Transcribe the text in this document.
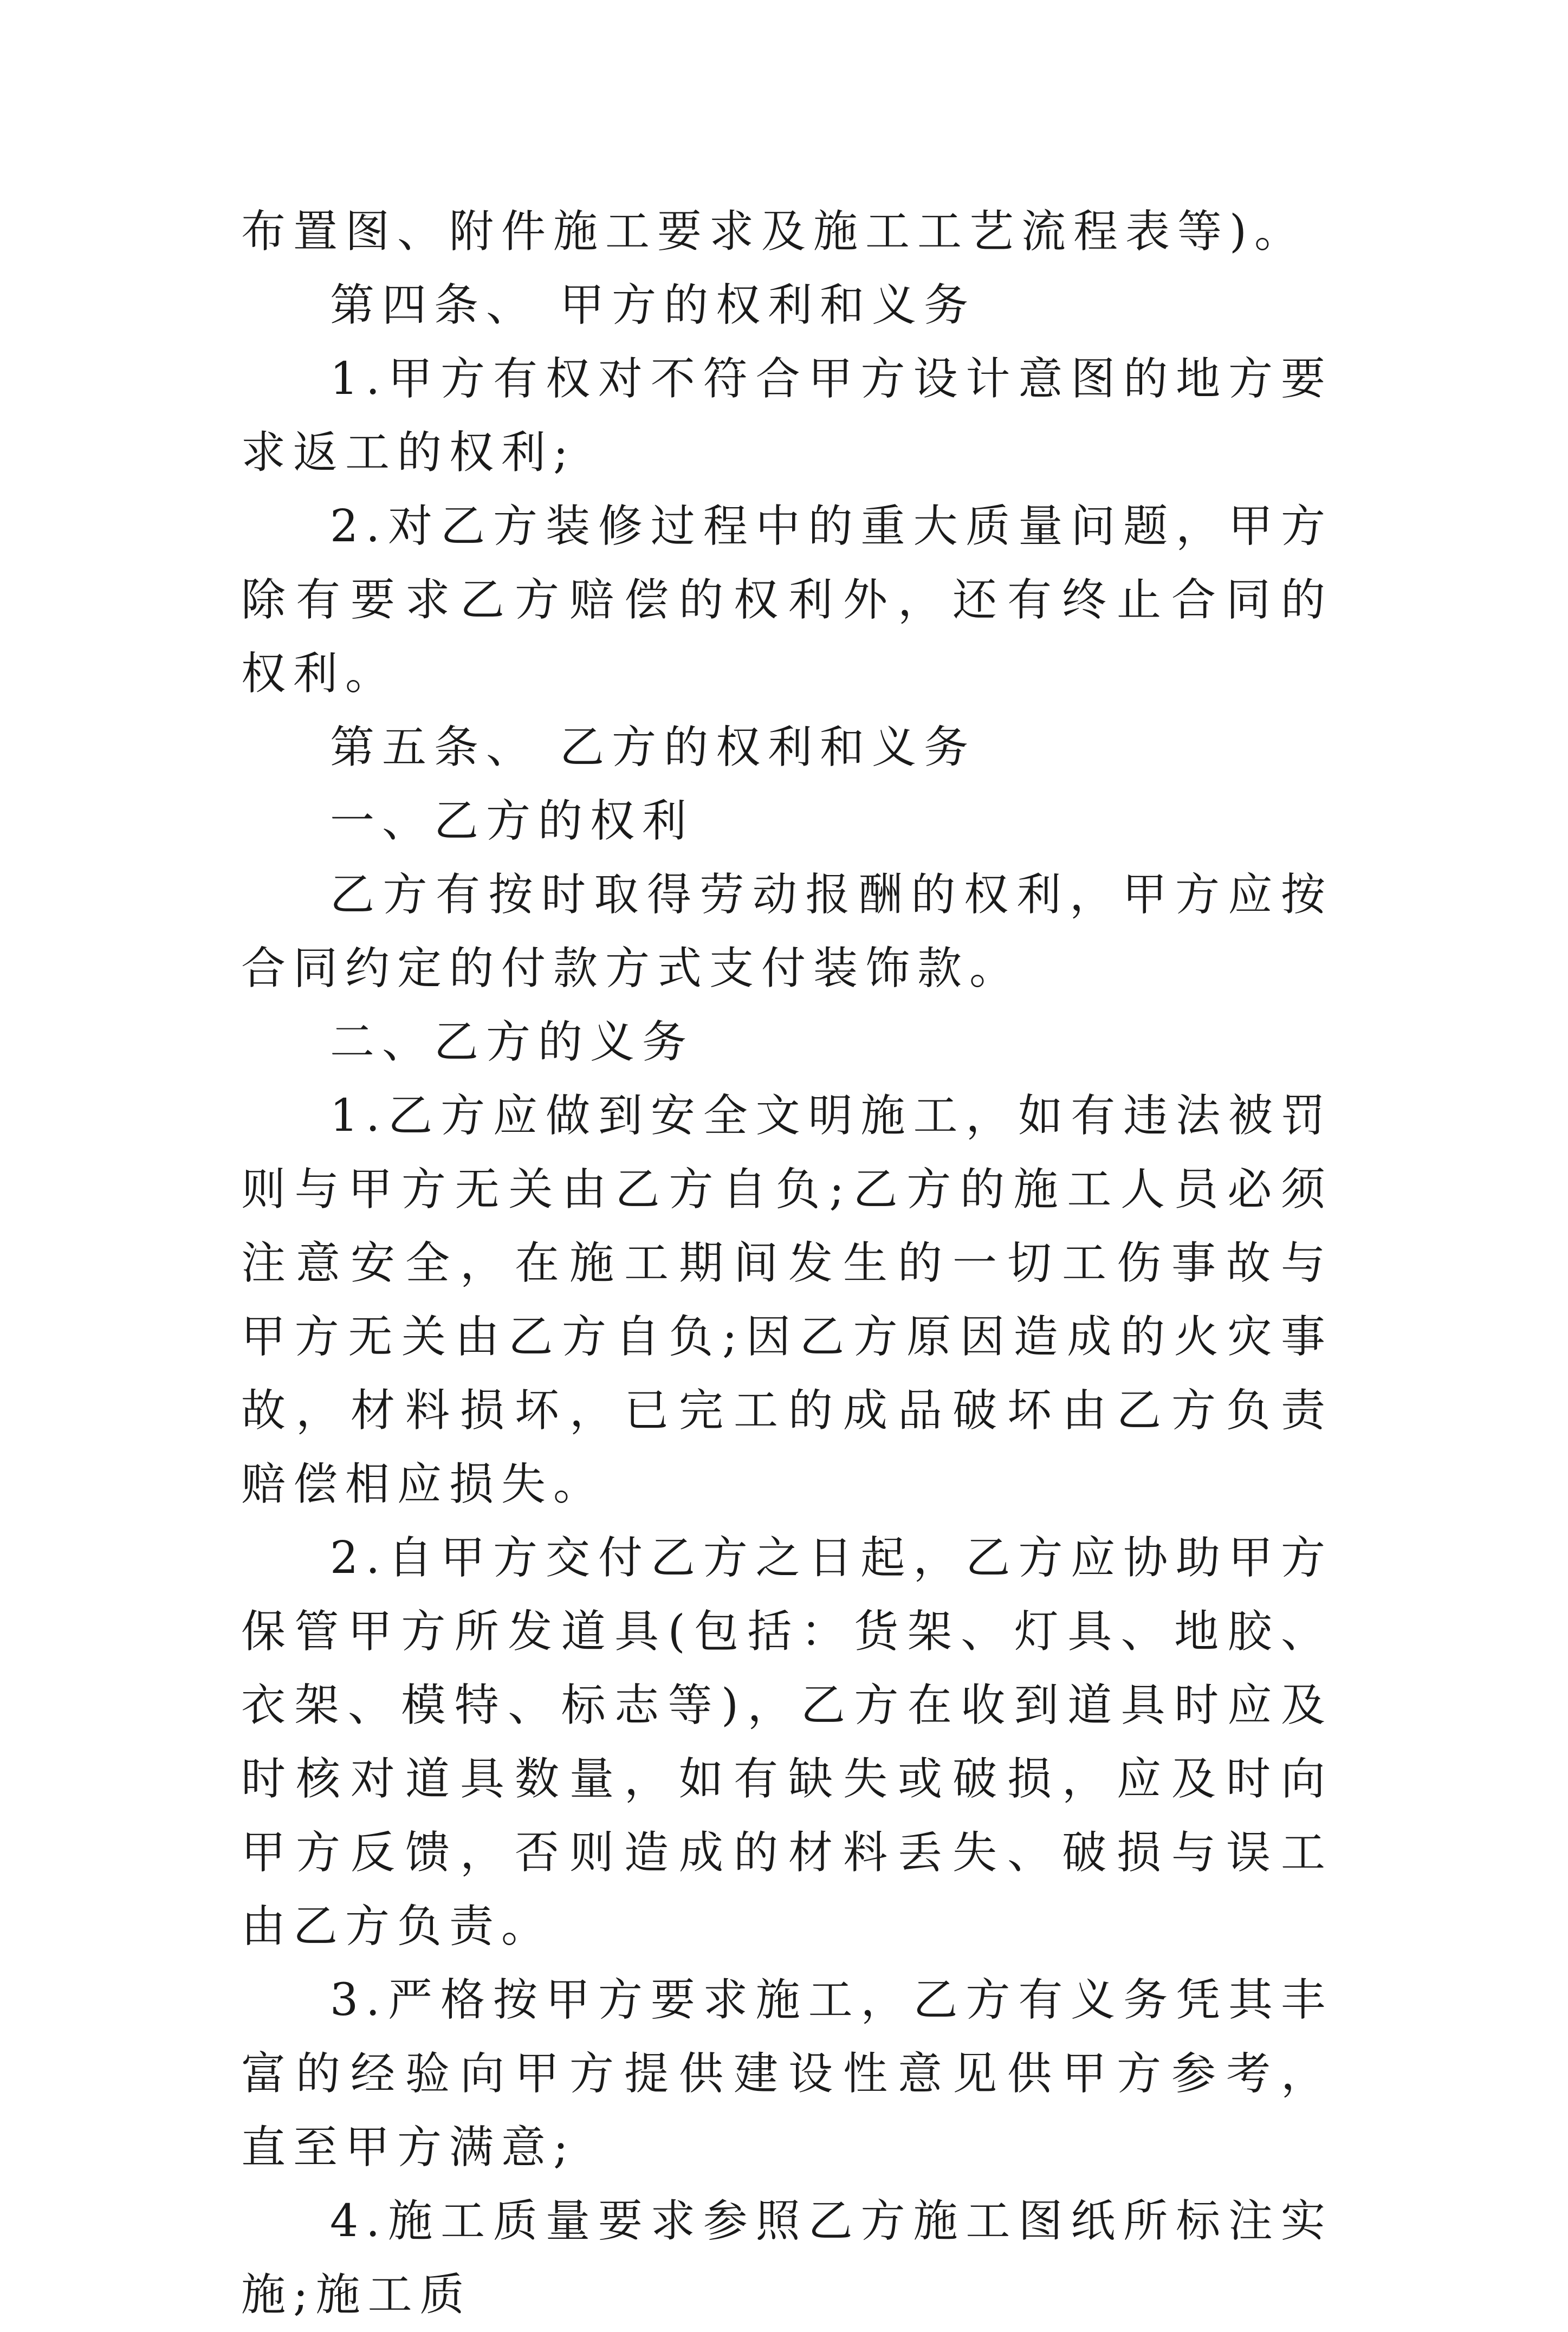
布置图、附件施工要求及施工工艺流程表等)。

第四条、 甲方的权利和义务

1.甲方有权对不符合甲方设计意图的地方要求返工的权利;

2.对乙方装修过程中的重大质量问题，甲方除有要求乙方赔偿的权利外，还有终止合同的权利。

第五条、 乙方的权利和义务

一、乙方的权利

乙方有按时取得劳动报酬的权利，甲方应按合同约定的付款方式支付装饰款。

二、乙方的义务

1.乙方应做到安全文明施工，如有违法被罚则与甲方无关由乙方自负;乙方的施工人员必须注意安全，在施工期间发生的一切工伤事故与甲方无关由乙方自负;因乙方原因造成的火灾事故，材料损坏，已完工的成品破坏由乙方负责赔偿相应损失。

2.自甲方交付乙方之日起，乙方应协助甲方保管甲方所发道具(包括：货架、灯具、地胶、衣架、模特、标志等)，乙方在收到道具时应及时核对道具数量，如有缺失或破损，应及时向甲方反馈，否则造成的材料丢失、破损与误工由乙方负责。

3.严格按甲方要求施工，乙方有义务凭其丰富的经验向甲方提供建设性意见供甲方参考，直至甲方满意;

4.施工质量要求参照乙方施工图纸所标注实施;施工质
